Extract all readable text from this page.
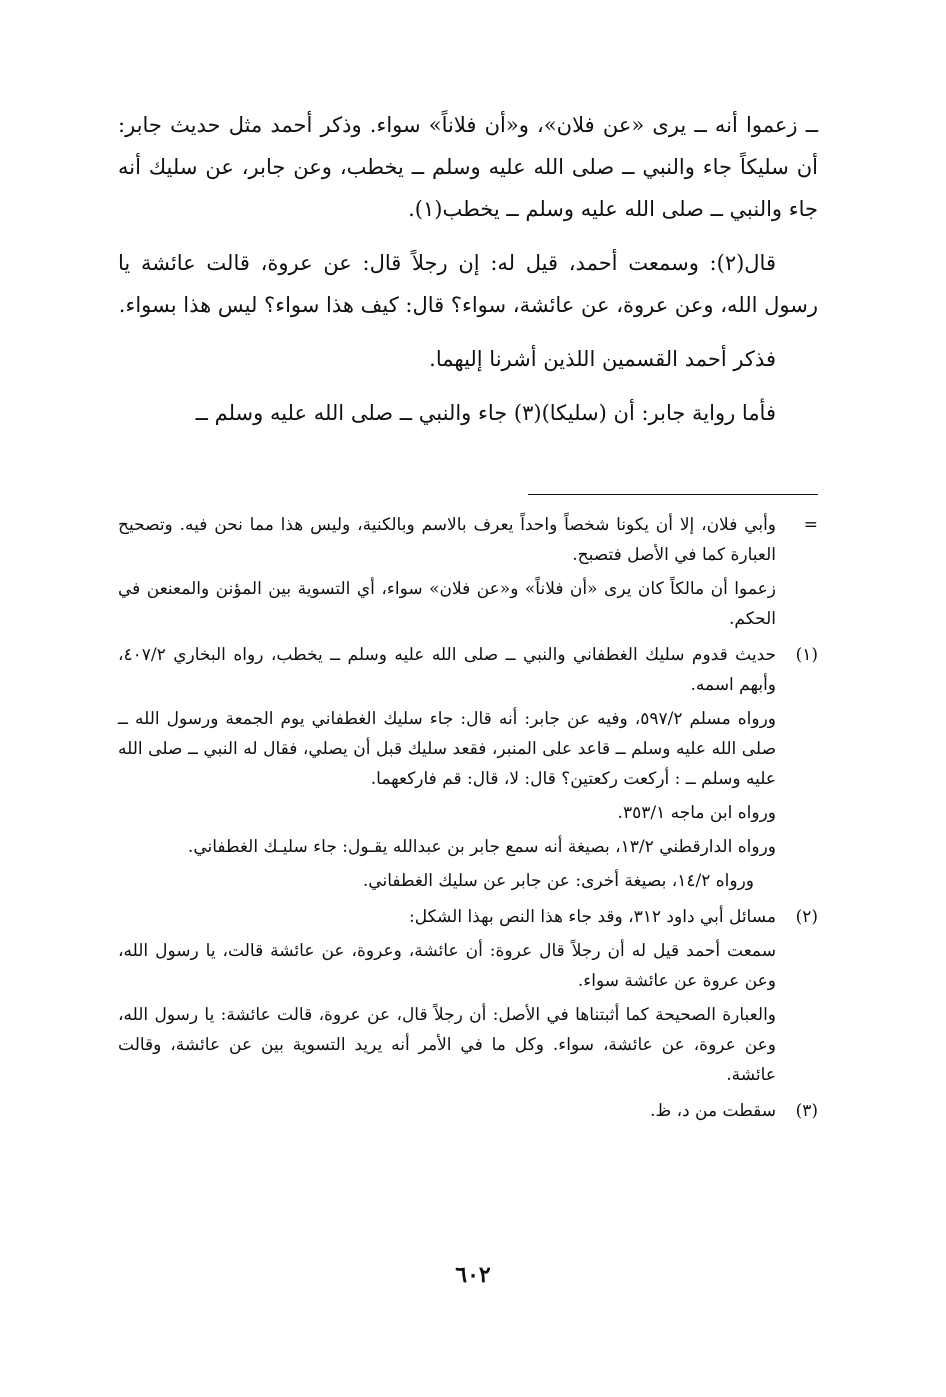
ــ زعموا أنه ــ يرى «عن فلان»، و«أن فلاناً» سواء. وذكر أحمد مثل حديث جابر: أن سليكاً جاء والنبي ــ صلى الله عليه وسلم ــ يخطب، وعن جابر، عن سليك أنه جاء والنبي ــ صلى الله عليه وسلم ــ يخطب(١).

قال(٢): وسمعت أحمد، قيل له: إن رجلاً قال: عن عروة، قالت عائشة يا رسول الله، وعن عروة، عن عائشة، سواء؟ قال: كيف هذا سواء؟ ليس هذا بسواء.

فذكر أحمد القسمين اللذين أشرنا إليهما.

فأما رواية جابر: أن (سليكا)(٣) جاء والنبي ــ صلى الله عليه وسلم ــ

=

وأبي فلان، إلا أن يكونا شخصاً واحداً يعرف بالاسم وبالكنية، وليس هذا مما نحن فيه. وتصحيح العبارة كما في الأصل فتصبح.

زعموا أن مالكاً كان يرى «أن فلاناً» و«عن فلان» سواء، أي التسوية بين المؤنن والمعنعن في الحكم.

(١)

حديث قدوم سليك الغطفاني والنبي ــ صلى الله عليه وسلم ــ يخطب، رواه البخاري ٤٠٧/٢، وأبهم اسمه.

ورواه مسلم ٥٩٧/٢، وفيه عن جابر: أنه قال: جاء سليك الغطفاني يوم الجمعة ورسول الله ــ صلى الله عليه وسلم ــ قاعد على المنبر، فقعد سليك قبل أن يصلي، فقال له النبي ــ صلى الله عليه وسلم ــ : أركعت ركعتين؟ قال: لا، قال: قم فاركعهما.

ورواه ابن ماجه ٣٥٣/١.

ورواه الدارقطني ١٣/٢، بصيغة أنه سمع جابر بن عبدالله يقـول: جاء سليـك الغطفاني.

ورواه ١٤/٢، بصيغة أخرى: عن جابر عن سليك الغطفاني.

(٢)

مسائل أبي داود ٣١٢، وقد جاء هذا النص بهذا الشكل:

سمعت أحمد قيل له أن رجلاً قال عروة: أن عائشة، وعروة، عن عائشة قالت، يا رسول الله، وعن عروة عن عائشة سواء.

والعبارة الصحيحة كما أثبتناها في الأصل: أن رجلاً قال، عن عروة، قالت عائشة: يا رسول الله، وعن عروة، عن عائشة، سواء. وكل ما في الأمر أنه يريد التسوية بين عن عائشة، وقالت عائشة.

(٣)

سقطت من د، ظ.

٦٠٢
